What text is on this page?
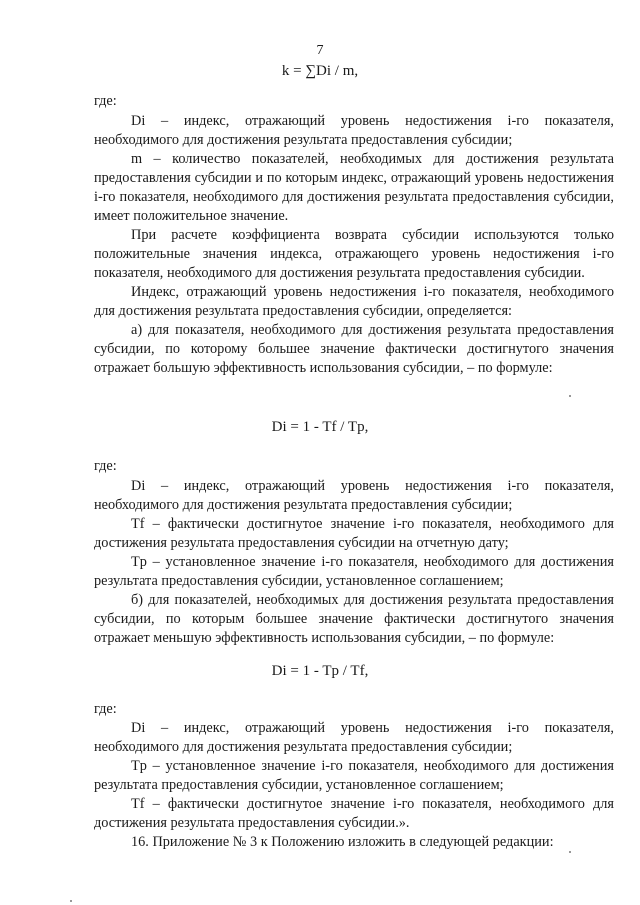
7
k = ∑Di / m,
где:

Di – индекс, отражающий уровень недостижения i-го показателя, необходимого для достижения результата предоставления субсидии;

m – количество показателей, необходимых для достижения результата предоставления субсидии и по которым индекс, отражающий уровень недостижения i-го показателя, необходимого для достижения результата предоставления субсидии, имеет положительное значение.

При расчете коэффициента возврата субсидии используются только положительные значения индекса, отражающего уровень недостижения i-го показателя, необходимого для достижения результата предоставления субсидии.

Индекс, отражающий уровень недостижения i-го показателя, необходимого для достижения результата предоставления субсидии, определяется:

а) для показателя, необходимого для достижения результата предоставления субсидии, по которому большее значение фактически достигнутого значения отражает большую эффективность использования субсидии, – по формуле:

Di = 1 - Tf / Tp,
где:

Di – индекс, отражающий уровень недостижения i-го показателя, необходимого для достижения результата предоставления субсидии;

Tf – фактически достигнутое значение i-го показателя, необходимого для достижения результата предоставления субсидии на отчетную дату;

Tp – установленное значение i-го показателя, необходимого для достижения результата предоставления субсидии, установленное соглашением;

б) для показателей, необходимых для достижения результата предоставления субсидии, по которым большее значение фактически достигнутого значения отражает меньшую эффективность использования субсидии, – по формуле:

Di = 1 - Tp / Tf,
где:

Di – индекс, отражающий уровень недостижения i-го показателя, необходимого для достижения результата предоставления субсидии;

Tp – установленное значение i-го показателя, необходимого для достижения результата предоставления субсидии, установленное соглашением;

Tf – фактически достигнутое значение i-го показателя, необходимого для достижения результата предоставления субсидии.».

16. Приложение № 3 к Положению изложить в следующей редакции:
